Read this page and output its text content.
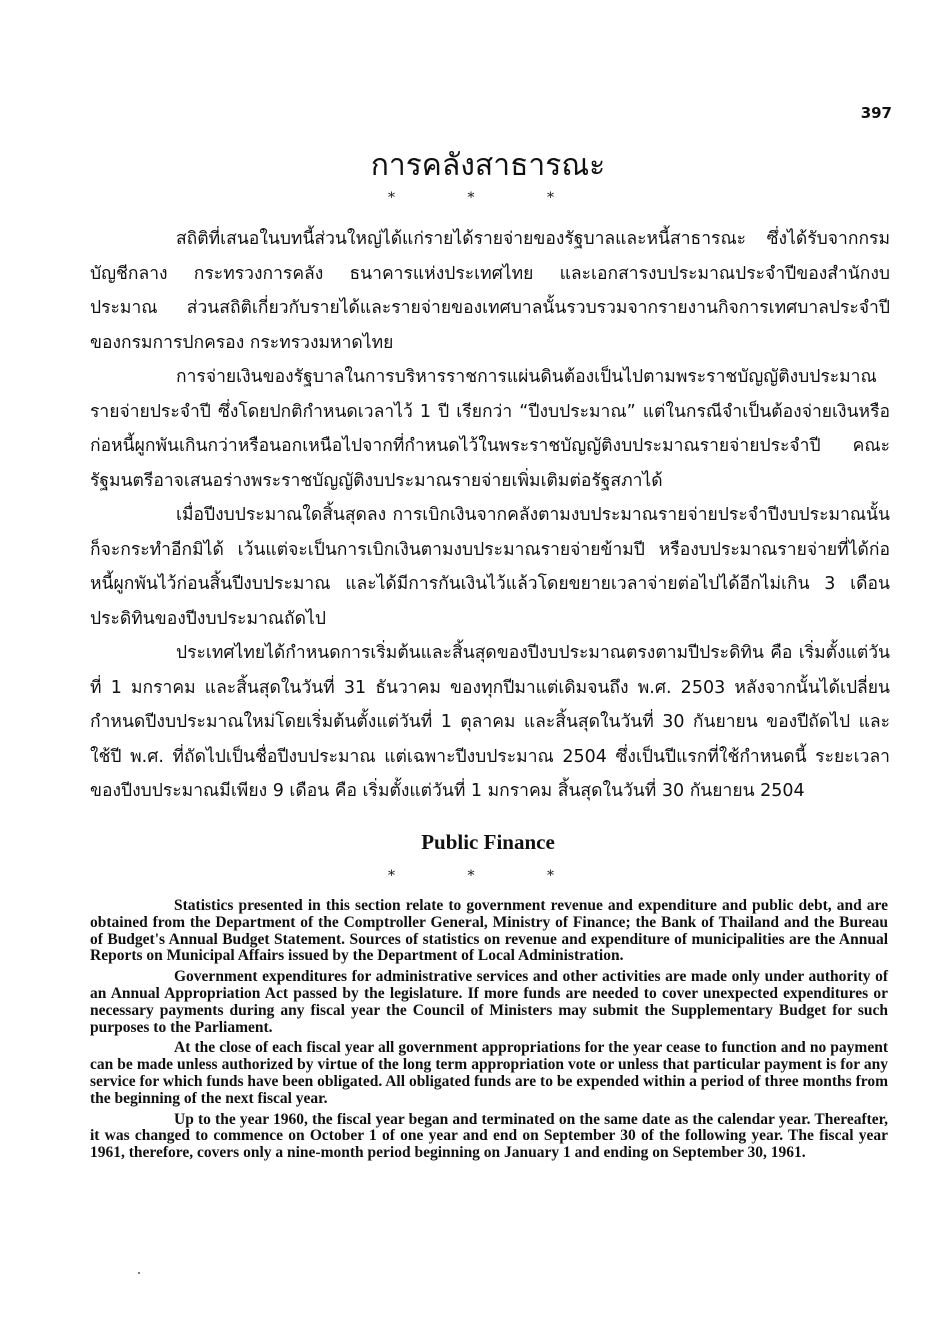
397
การคลังสาธารณะ
* * *

สถิติที่เสนอในบทนี้ส่วนใหญ่ได้แก่รายได้รายจ่ายของรัฐบาลและหนี้สาธารณะ ซึ่งได้รับจากกรมบัญชีกลาง กระทรวงการคลัง ธนาคารแห่งประเทศไทย และเอกสารงบประมาณประจำปีของสำนักงบประมาณ ส่วนสถิติเกี่ยวกับรายได้และรายจ่ายของเทศบาลนั้นรวบรวมจากรายงานกิจการเทศบาลประจำปีของกรมการปกครอง กระทรวงมหาดไทย

การจ่ายเงินของรัฐบาลในการบริหารราชการแผ่นดินต้องเป็นไปตามพระราชบัญญัติงบประมาณรายจ่ายประจำปี ซึ่งโดยปกติกำหนดเวลาไว้ 1 ปี เรียกว่า “ปีงบประมาณ” แต่ในกรณีจำเป็นต้องจ่ายเงินหรือก่อหนี้ผูกพันเกินกว่าหรือนอกเหนือไปจากที่กำหนดไว้ในพระราชบัญญัติงบประมาณรายจ่ายประจำปี คณะรัฐมนตรีอาจเสนอร่างพระราชบัญญัติงบประมาณรายจ่ายเพิ่มเติมต่อรัฐสภาได้

เมื่อปีงบประมาณใดสิ้นสุดลง การเบิกเงินจากคลังตามงบประมาณรายจ่ายประจำปีงบประมาณนั้นก็จะกระทำอีกมิได้ เว้นแต่จะเป็นการเบิกเงินตามงบประมาณรายจ่ายข้ามปี หรืองบประมาณรายจ่ายที่ได้ก่อหนี้ผูกพันไว้ก่อนสิ้นปีงบประมาณ และได้มีการกันเงินไว้แล้วโดยขยายเวลาจ่ายต่อไปได้อีกไม่เกิน 3 เดือนประดิทินของปีงบประมาณถัดไป

ประเทศไทยได้กำหนดการเริ่มต้นและสิ้นสุดของปีงบประมาณตรงตามปีประดิทิน คือ เริ่มตั้งแต่วันที่ 1 มกราคม และสิ้นสุดในวันที่ 31 ธันวาคม ของทุกปีมาแต่เดิมจนถึง พ.ศ. 2503 หลังจากนั้นได้เปลี่ยนกำหนดปีงบประมาณใหม่โดยเริ่มต้นตั้งแต่วันที่ 1 ตุลาคม และสิ้นสุดในวันที่ 30 กันยายน ของปีถัดไป และใช้ปี พ.ศ. ที่ถัดไปเป็นชื่อปีงบประมาณ แต่เฉพาะปีงบประมาณ 2504 ซึ่งเป็นปีแรกที่ใช้กำหนดนี้ ระยะเวลาของปีงบประมาณมีเพียง 9 เดือน คือ เริ่มตั้งแต่วันที่ 1 มกราคม สิ้นสุดในวันที่ 30 กันยายน 2504

Public Finance
* * *

Statistics presented in this section relate to government revenue and expenditure and public debt, and are obtained from the Department of the Comptroller General, Ministry of Finance; the Bank of Thailand and the Bureau of Budget's Annual Budget Statement. Sources of statistics on revenue and expenditure of municipalities are the Annual Reports on Municipal Affairs issued by the Department of Local Administration.

Government expenditures for administrative services and other activities are made only under authority of an Annual Appropriation Act passed by the legislature. If more funds are needed to cover unexpected expenditures or necessary payments during any fiscal year the Council of Ministers may submit the Supplementary Budget for such purposes to the Parliament.

At the close of each fiscal year all government appropriations for the year cease to function and no payment can be made unless authorized by virtue of the long term appropriation vote or unless that particular payment is for any service for which funds have been obligated. All obligated funds are to be expended within a period of three months from the beginning of the next fiscal year.

Up to the year 1960, the fiscal year began and terminated on the same date as the calendar year. Thereafter, it was changed to commence on October 1 of one year and end on September 30 of the following year. The fiscal year 1961, therefore, covers only a nine-month period beginning on January 1 and ending on September 30, 1961.
